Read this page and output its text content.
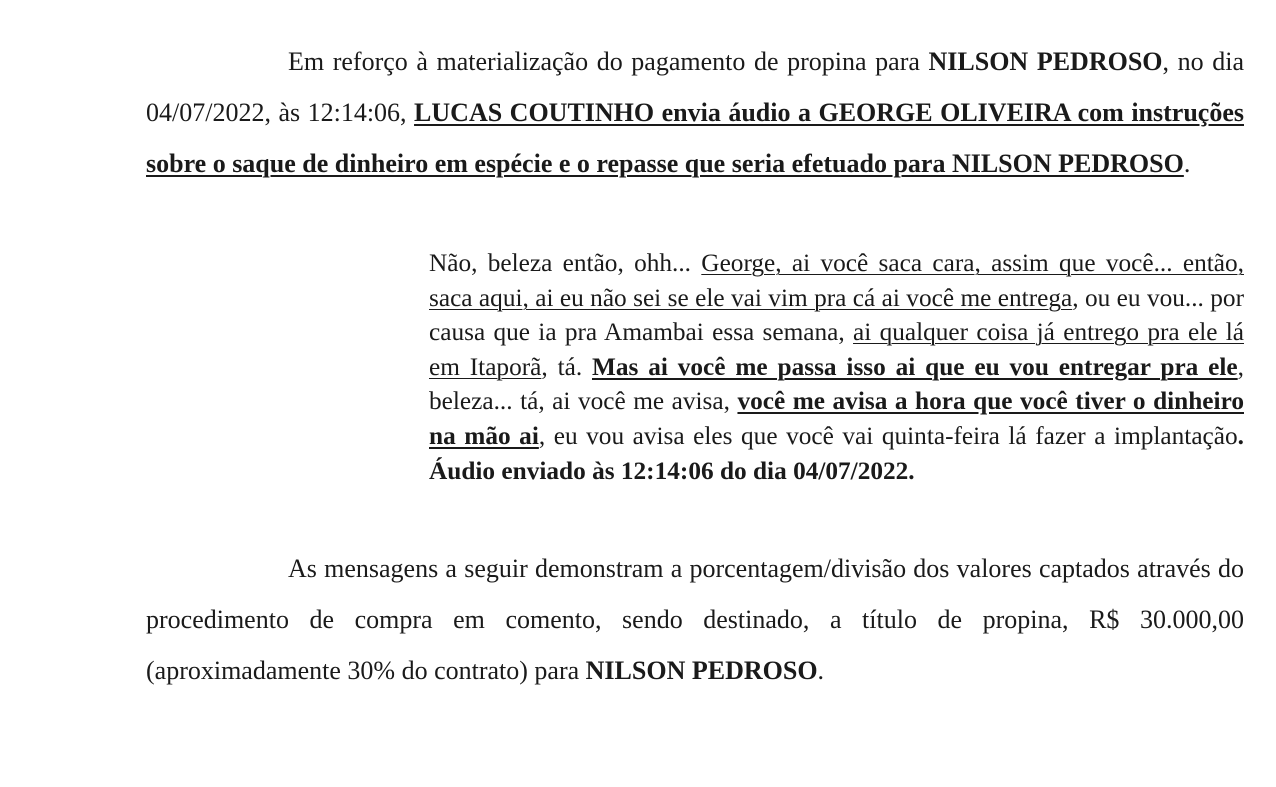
Em reforço à materialização do pagamento de propina para NILSON PEDROSO, no dia 04/07/2022, às 12:14:06, LUCAS COUTINHO envia áudio a GEORGE OLIVEIRA com instruções sobre o saque de dinheiro em espécie e o repasse que seria efetuado para NILSON PEDROSO.

Não, beleza então, ohh... George, ai você saca cara, assim que você... então, saca aqui, ai eu não sei se ele vai vim pra cá ai você me entrega, ou eu vou... por causa que ia pra Amambai essa semana, ai qualquer coisa já entrego pra ele lá em Itaporã, tá. Mas ai você me passa isso ai que eu vou entregar pra ele, beleza... tá, ai você me avisa, você me avisa a hora que você tiver o dinheiro na mão ai, eu vou avisa eles que você vai quinta-feira lá fazer a implantação. Áudio enviado às 12:14:06 do dia 04/07/2022.

As mensagens a seguir demonstram a porcentagem/divisão dos valores captados através do procedimento de compra em comento, sendo destinado, a título de propina, R$ 30.000,00 (aproximadamente 30% do contrato) para NILSON PEDROSO.
